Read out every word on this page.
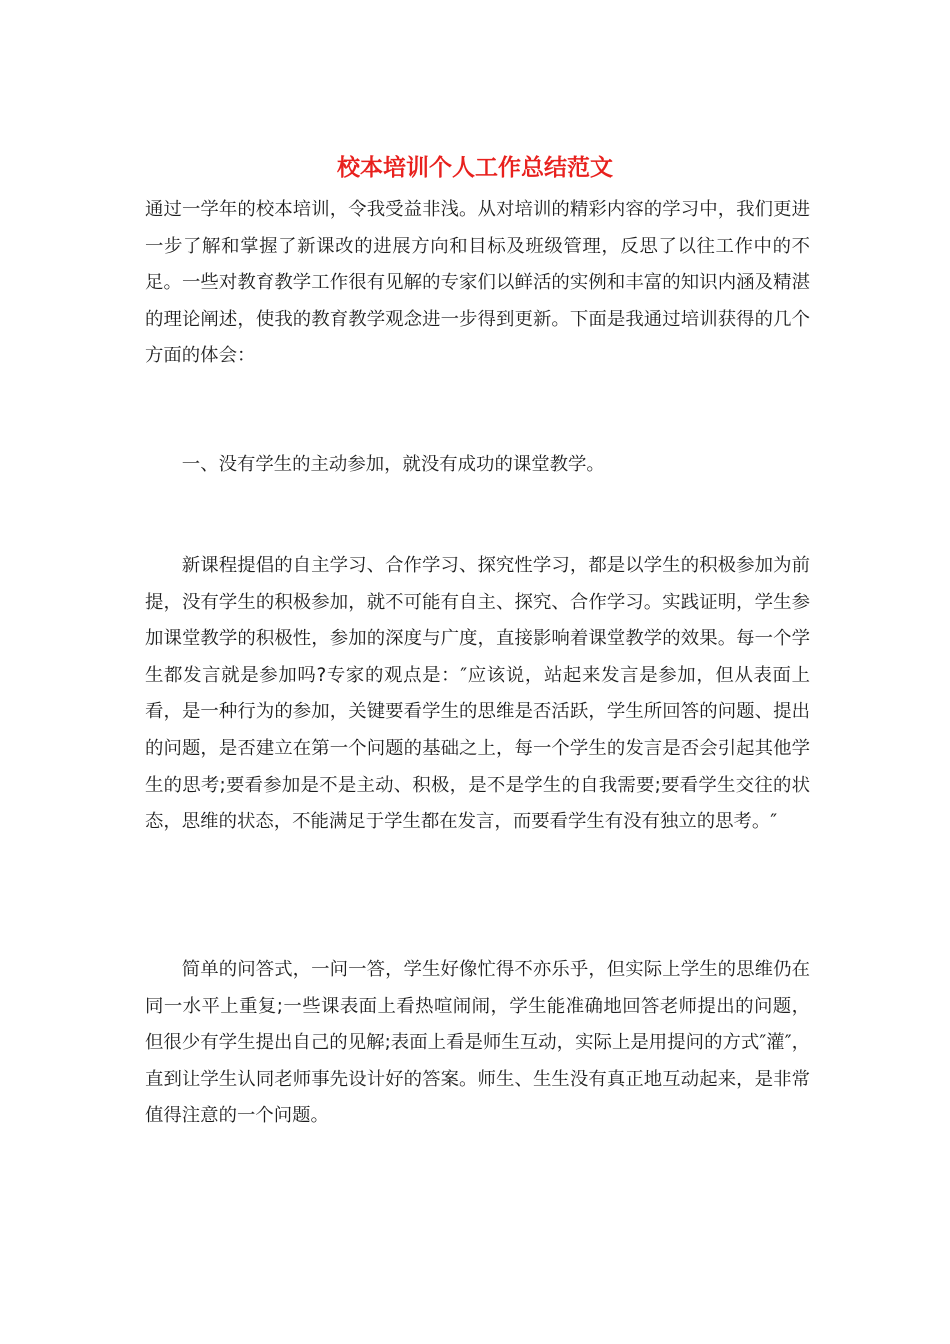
校本培训个人工作总结范文

通过一学年的校本培训，令我受益非浅。从对培训的精彩内容的学习中，我们更进一步了解和掌握了新课改的进展方向和目标及班级管理，反思了以往工作中的不足。一些对教育教学工作很有见解的专家们以鲜活的实例和丰富的知识内涵及精湛的理论阐述，使我的教育教学观念进一步得到更新。下面是我通过培训获得的几个方面的体会：

一、没有学生的主动参加，就没有成功的课堂教学。

新课程提倡的自主学习、合作学习、探究性学习，都是以学生的积极参加为前提，没有学生的积极参加，就不可能有自主、探究、合作学习。实践证明，学生参加课堂教学的积极性，参加的深度与广度，直接影响着课堂教学的效果。每一个学生都发言就是参加吗?专家的观点是：″应该说，站起来发言是参加，但从表面上看，是一种行为的参加，关键要看学生的思维是否活跃，学生所回答的问题、提出的问题，是否建立在第一个问题的基础之上，每一个学生的发言是否会引起其他学生的思考;要看参加是不是主动、积极，是不是学生的自我需要;要看学生交往的状态，思维的状态，不能满足于学生都在发言，而要看学生有没有独立的思考。″

简单的问答式，一问一答，学生好像忙得不亦乐乎，但实际上学生的思维仍在同一水平上重复;一些课表面上看热喧闹闹，学生能准确地回答老师提出的问题，但很少有学生提出自己的见解;表面上看是师生互动，实际上是用提问的方式″灌″，直到让学生认同老师事先设计好的答案。师生、生生没有真正地互动起来，是非常值得注意的一个问题。
